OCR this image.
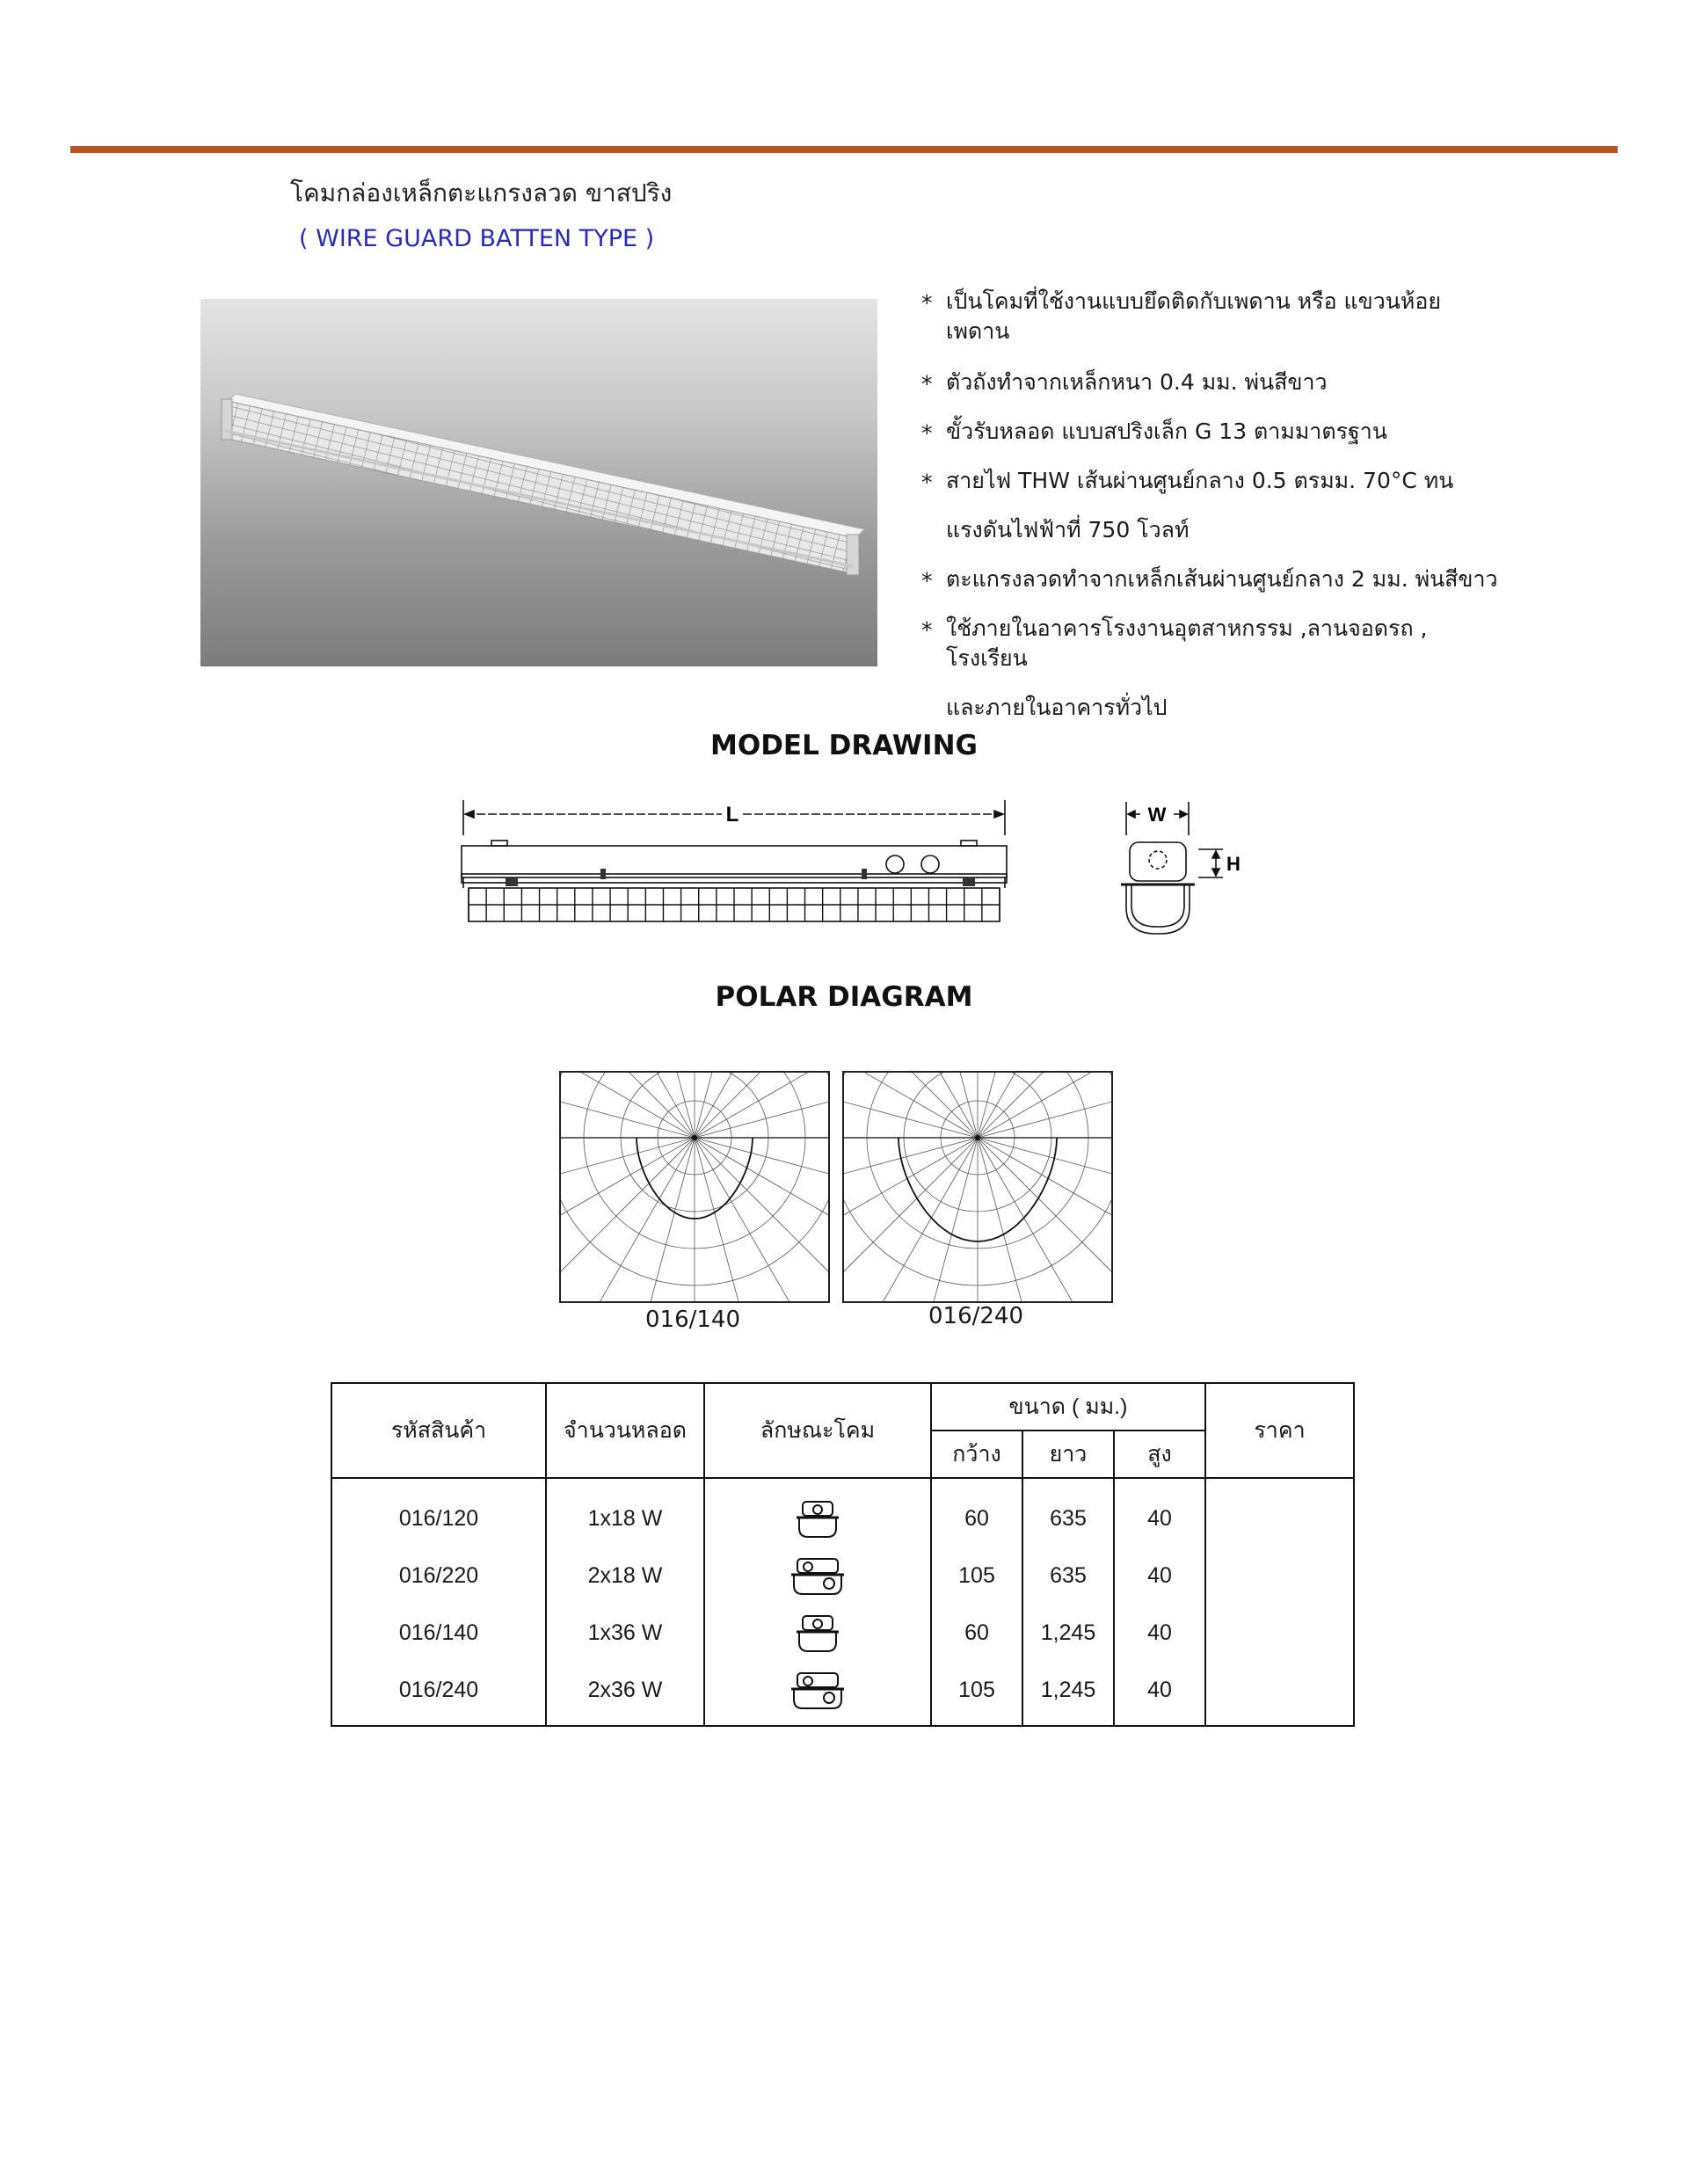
โคมกล่องเหล็กตะแกรงลวด ขาสปริง
( WIRE GUARD BATTEN TYPE )
* เป็นโคมที่ใช้งานแบบยึดติดกับเพดาน หรือ แขวนห้อยเพดาน
* ตัวถังทำจากเหล็กหนา 0.4 มม. พ่นสีขาว
* ขั้วรับหลอด แบบสปริงเล็ก G 13 ตามมาตรฐาน
* สายไฟ THW เส้นผ่านศูนย์กลาง 0.5 ตรมม. 70°C ทน
แรงดันไฟฟ้าที่ 750 โวลท์
* ตะแกรงลวดทำจากเหล็กเส้นผ่านศูนย์กลาง 2 มม. พ่นสีขาว
* ใช้ภายในอาคารโรงงานอุตสาหกรรม ,ลานจอดรถ , โรงเรียน
และภายในอาคารทั่วไป
MODEL DRAWING
L	W
H
POLAR DIAGRAM
016/140	016/240
รหัสสินค้า	จำนวนหลอด	ลักษณะโคม	ขนาด ( มม.)			ราคา
			กว้าง	ยาว	สูง	
016/120	1x18 W		60	635	40	
016/220	2x18 W		105	635	40	
016/140	1x36 W		60	1,245	40	
016/240	2x36 W		105	1,245	40	
